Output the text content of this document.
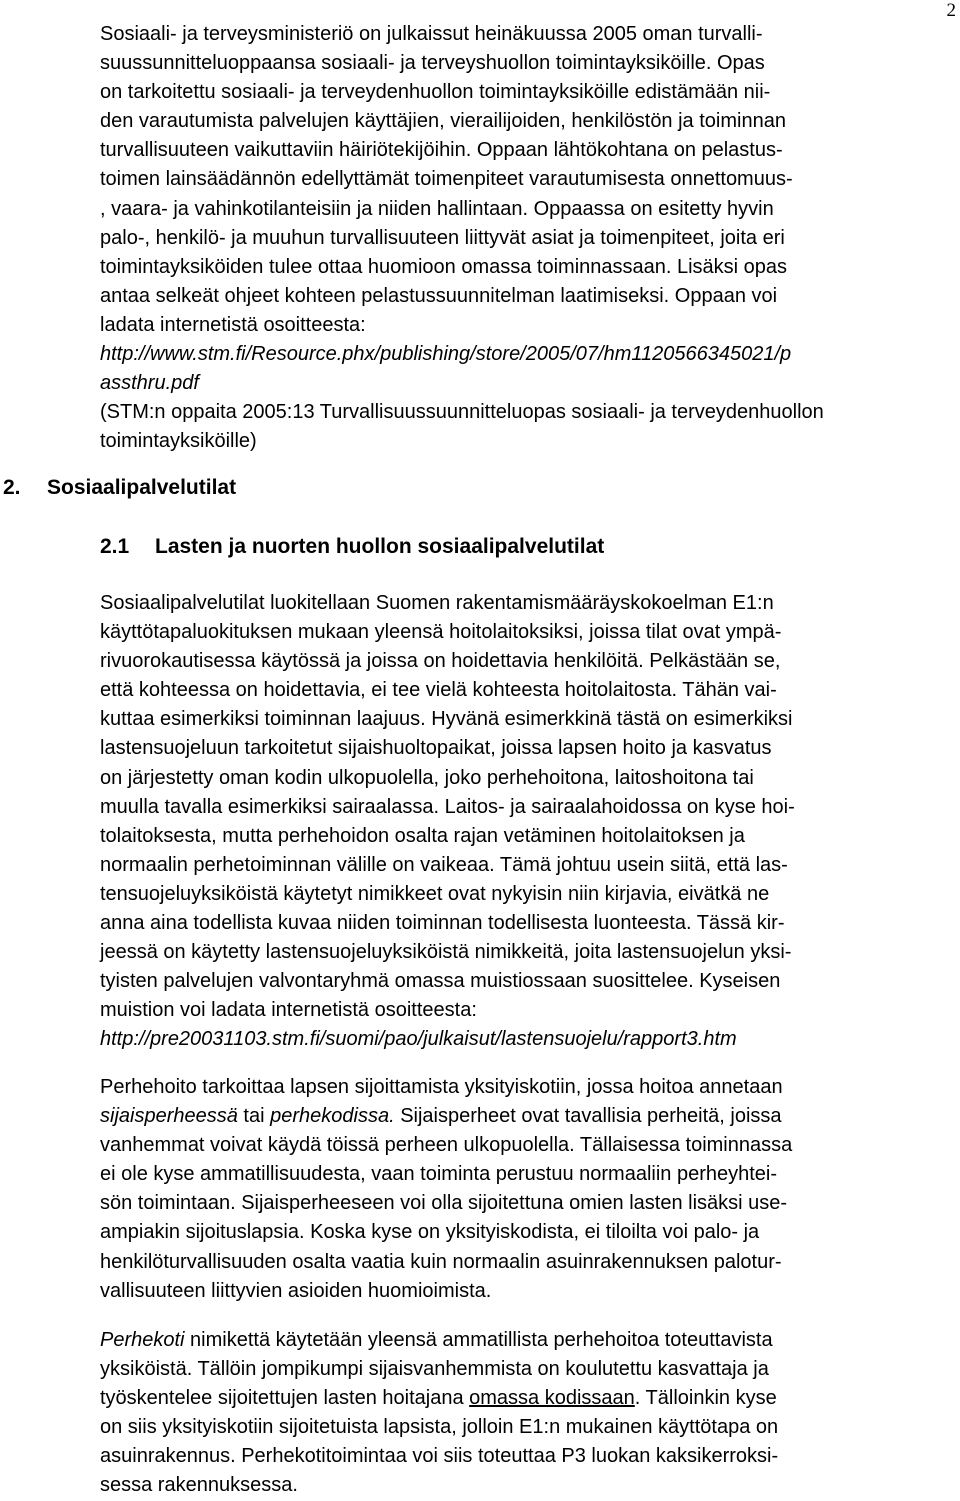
2
Sosiaali- ja terveysministeriö on julkaissut heinäkuussa 2005 oman turvalli-
suussunnitteluoppaansa sosiaali- ja terveyshuollon toimintayksiköille. Opas
on tarkoitettu sosiaali- ja terveydenhuollon toimintayksiköille edistämään nii-
den varautumista palvelujen käyttäjien, vierailijoiden, henkilöstön ja toiminnan
turvallisuuteen vaikuttaviin häiriötekijöihin. Oppaan lähtökohtana on pelastus-
toimen lainsäädännön edellyttämät toimenpiteet varautumisesta onnettomuus-
, vaara- ja vahinkotilanteisiin ja niiden hallintaan. Oppaassa on esitetty hyvin
palo-, henkilö- ja muuhun turvallisuuteen liittyvät asiat ja toimenpiteet, joita eri
toimintayksiköiden tulee ottaa huomioon omassa toiminnassaan. Lisäksi opas
antaa selkeät ohjeet kohteen pelastussuunnitelman laatimiseksi. Oppaan voi
ladata internetistä osoitteesta:
http://www.stm.fi/Resource.phx/publishing/store/2005/07/hm1120566345021/p
assthru.pdf
(STM:n oppaita 2005:13 Turvallisuussuunnitteluopas sosiaali- ja terveydenhuollon
toimintayksiköille)
2. Sosiaalipalvelutilat
2.1 Lasten ja nuorten huollon sosiaalipalvelutilat
Sosiaalipalvelutilat luokitellaan Suomen rakentamismääräyskokoelman E1:n
käyttötapaluokituksen mukaan yleensä hoitolaitoksiksi, joissa tilat ovat ympä-
rivuorokautisessa käytössä ja joissa on hoidettavia henkilöitä. Pelkästään se,
että kohteessa on hoidettavia, ei tee vielä kohteesta hoitolaitosta. Tähän vai-
kuttaa esimerkiksi toiminnan laajuus. Hyvänä esimerkkinä tästä on esimerkiksi
lastensuojeluun tarkoitetut sijaishuoltopaikat, joissa lapsen hoito ja kasvatus
on järjestetty oman kodin ulkopuolella, joko perhehoitona, laitoshoitona tai
muulla tavalla esimerkiksi sairaalassa. Laitos- ja sairaalahoidossa on kyse hoi-
tolaitoksesta, mutta perhehoidon osalta rajan vetäminen hoitolaitoksen ja
normaalin perhetoiminnan välille on vaikeaa. Tämä johtuu usein siitä, että las-
tensuojeluyksiköistä käytetyt nimikkeet ovat nykyisin niin kirjavia, eivätkä ne
anna aina todellista kuvaa niiden toiminnan todellisesta luonteesta. Tässä kir-
jeessä on käytetty lastensuojeluyksiköistä nimikkeitä, joita lastensuojelun yksi-
tyisten palvelujen valvontaryhmä omassa muistiossaan suosittelee. Kyseisen
muistion voi ladata internetistä osoitteesta:
http://pre20031103.stm.fi/suomi/pao/julkaisut/lastensuojelu/rapport3.htm
Perhehoito tarkoittaa lapsen sijoittamista yksityiskotiin, jossa hoitoa annetaan
sijaisperheessä tai perhekodissa. Sijaisperheet ovat tavallisia perheitä, joissa
vanhemmat voivat käydä töissä perheen ulkopuolella. Tällaisessa toiminnassa
ei ole kyse ammatillisuudesta, vaan toiminta perustuu normaaliin perheyhtei-
sön toimintaan. Sijaisperheeseen voi olla sijoitettuna omien lasten lisäksi use-
ampiakin sijoituslapsia. Koska kyse on yksityiskodista, ei tiloilta voi palo- ja
henkilöturvallisuuden osalta vaatia kuin normaalin asuinrakennuksen palotur-
vallisuuteen liittyvien asioiden huomioimista.
Perhekoti nimikettä käytetään yleensä ammatillista perhehoitoa toteuttavista
yksiköistä. Tällöin jompikumpi sijaisvanhemmista on koulutettu kasvattaja ja
työskentelee sijoitettujen lasten hoitajana omassa kodissaan. Tälloinkin kyse
on siis yksityiskotiin sijoitetuista lapsista, jolloin E1:n mukainen käyttötapa on
asuinrakennus. Perhekotitoimintaa voi siis toteuttaa P3 luokan kaksikerroksi-
sessa rakennuksessa.
